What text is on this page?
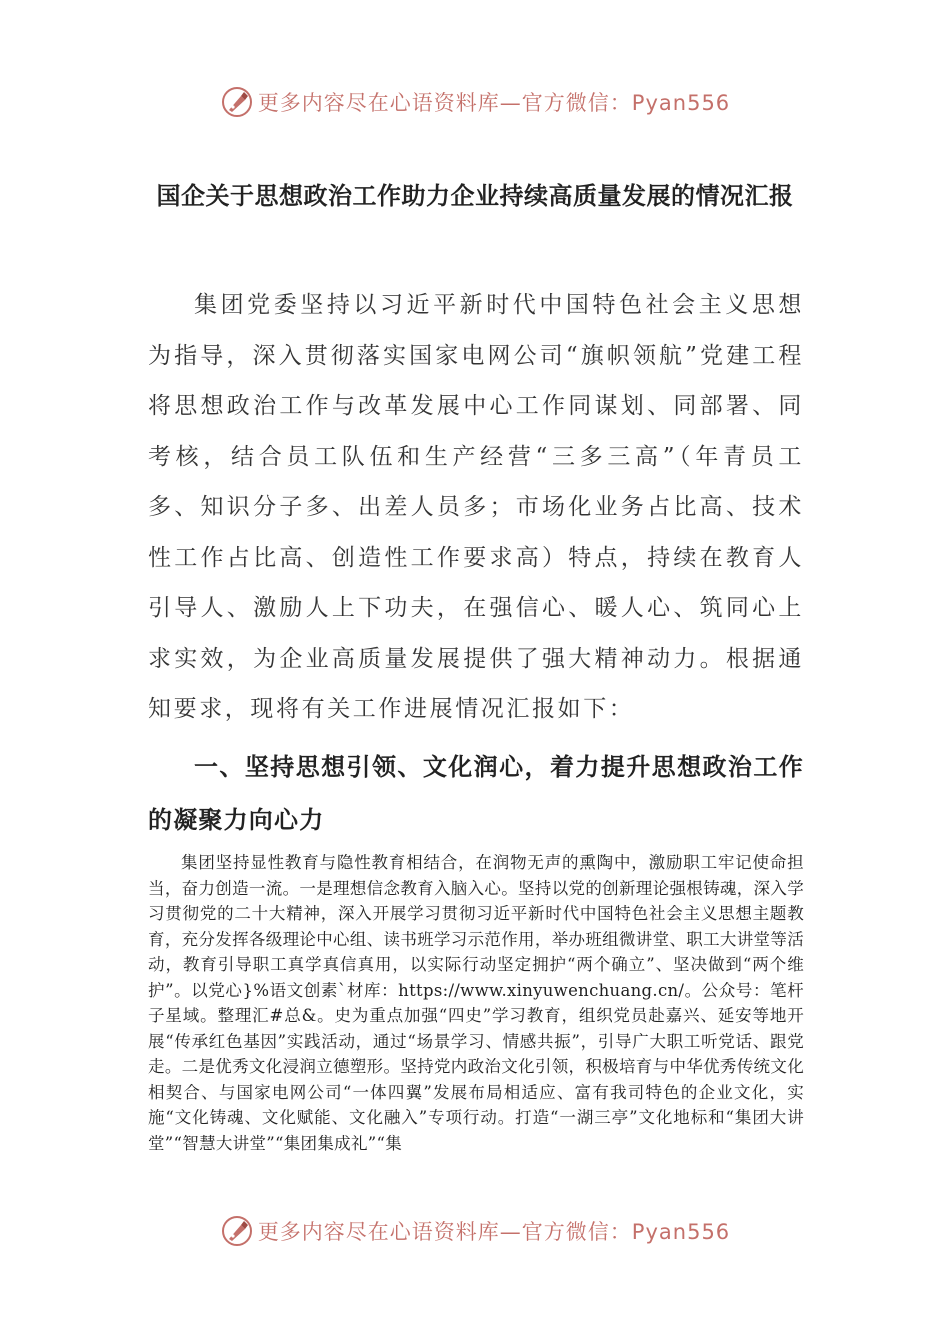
更多内容尽在心语资料库—官方微信：Pyan556
国企关于思想政治工作助力企业持续高质量发展的情况汇报
集团党委坚持以习近平新时代中国特色社会主义思想为指导，深入贯彻落实国家电网公司“旗帜领航”党建工程将思想政治工作与改革发展中心工作同谋划、同部署、同考核，结合员工队伍和生产经营“三多三高”（年青员工多、知识分子多、出差人员多；市场化业务占比高、技术性工作占比高、创造性工作要求高）特点，持续在教育人引导人、激励人上下功夫，在强信心、暖人心、筑同心上求实效，为企业高质量发展提供了强大精神动力。根据通知要求，现将有关工作进展情况汇报如下：
一、坚持思想引领、文化润心，着力提升思想政治工作的凝聚力向心力
集团坚持显性教育与隐性教育相结合，在润物无声的熏陶中，激励职工牢记使命担当，奋力创造一流。一是理想信念教育入脑入心。坚持以党的创新理论强根铸魂，深入学习贯彻党的二十大精神，深入开展学习贯彻习近平新时代中国特色社会主义思想主题教育，充分发挥各级理论中心组、读书班学习示范作用，举办班组微讲堂、职工大讲堂等活动，教育引导职工真学真信真用，以实际行动坚定拥护“两个确立”、坚决做到“两个维护”。以党心}%语文创素`材库：https://www.xinyuwenchuang.cn/。公众号：笔杆子星域。整理汇#总&。史为重点加强“四史”学习教育，组织党员赴嘉兴、延安等地开展“传承红色基因”实践活动，通过“场景学习、情感共振”，引导广大职工听党话、跟党走。二是优秀文化浸润立德塑形。坚持党内政治文化引领，积极培育与中华优秀传统文化相契合、与国家电网公司“一体四翼”发展布局相适应、富有我司特色的企业文化，实施“文化铸魂、文化赋能、文化融入”专项行动。打造“一湖三亭”文化地标和“集团大讲堂”“智慧大讲堂”“集团集成礼”“集
更多内容尽在心语资料库—官方微信：Pyan556
